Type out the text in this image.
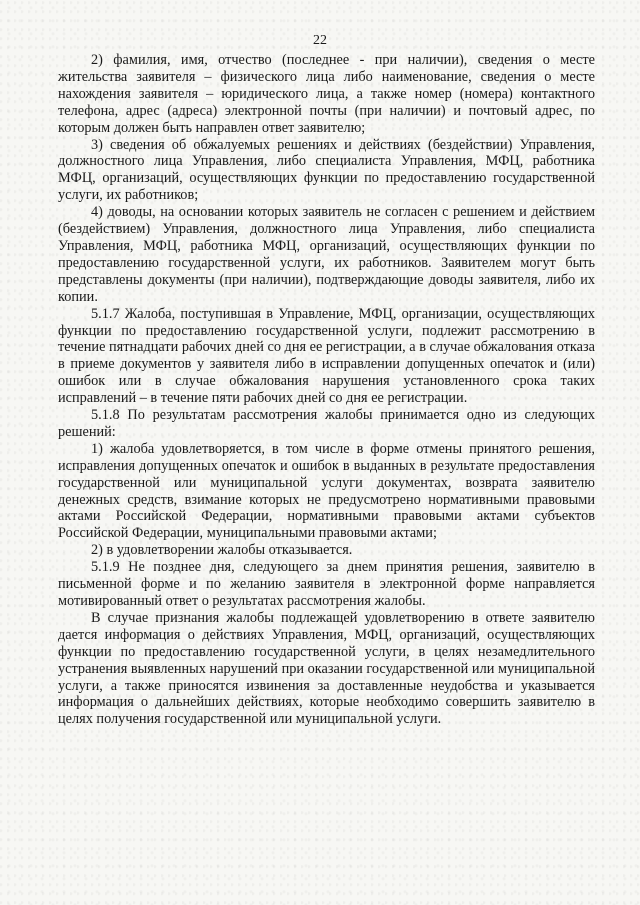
22

2) фамилия, имя, отчество (последнее - при наличии), сведения о месте жительства заявителя – физического лица либо наименование, сведения о месте нахождения заявителя – юридического лица, а также номер (номера) контактного телефона, адрес (адреса) электронной почты (при наличии) и почтовый адрес, по которым должен быть направлен ответ заявителю;

3) сведения об обжалуемых решениях и действиях (бездействии) Управления, должностного лица Управления, либо специалиста Управления, МФЦ, работника МФЦ, организаций, осуществляющих функции по предоставлению государственной услуги, их работников;

4) доводы, на основании которых заявитель не согласен с решением и действием (бездействием) Управления, должностного лица Управления, либо специалиста Управления, МФЦ, работника МФЦ, организаций, осуществляющих функции по предоставлению государственной услуги, их работников. Заявителем могут быть представлены документы (при наличии), подтверждающие доводы заявителя, либо их копии.

5.1.7 Жалоба, поступившая в Управление, МФЦ, организации, осуществляющих функции по предоставлению государственной услуги, подлежит рассмотрению в течение пятнадцати рабочих дней со дня ее регистрации, а в случае обжалования отказа в приеме документов у заявителя либо в исправлении допущенных опечаток и (или) ошибок или в случае обжалования нарушения установленного срока таких исправлений – в течение пяти рабочих дней со дня ее регистрации.

5.1.8 По результатам рассмотрения жалобы принимается одно из следующих решений:

1) жалоба удовлетворяется, в том числе в форме отмены принятого решения, исправления допущенных опечаток и ошибок в выданных в результате предоставления государственной или муниципальной услуги документах, возврата заявителю денежных средств, взимание которых не предусмотрено нормативными правовыми актами Российской Федерации, нормативными правовыми актами субъектов Российской Федерации, муниципальными правовыми актами;

2) в удовлетворении жалобы отказывается.

5.1.9 Не позднее дня, следующего за днем принятия решения, заявителю в письменной форме и по желанию заявителя в электронной форме направляется мотивированный ответ о результатах рассмотрения жалобы.

В случае признания жалобы подлежащей удовлетворению в ответе заявителю дается информация о действиях Управления, МФЦ, организаций, осуществляющих функции по предоставлению государственной услуги, в целях незамедлительного устранения выявленных нарушений при оказании государственной или муниципальной услуги, а также приносятся извинения за доставленные неудобства и указывается информация о дальнейших действиях, которые необходимо совершить заявителю в целях получения государственной или муниципальной услуги.
